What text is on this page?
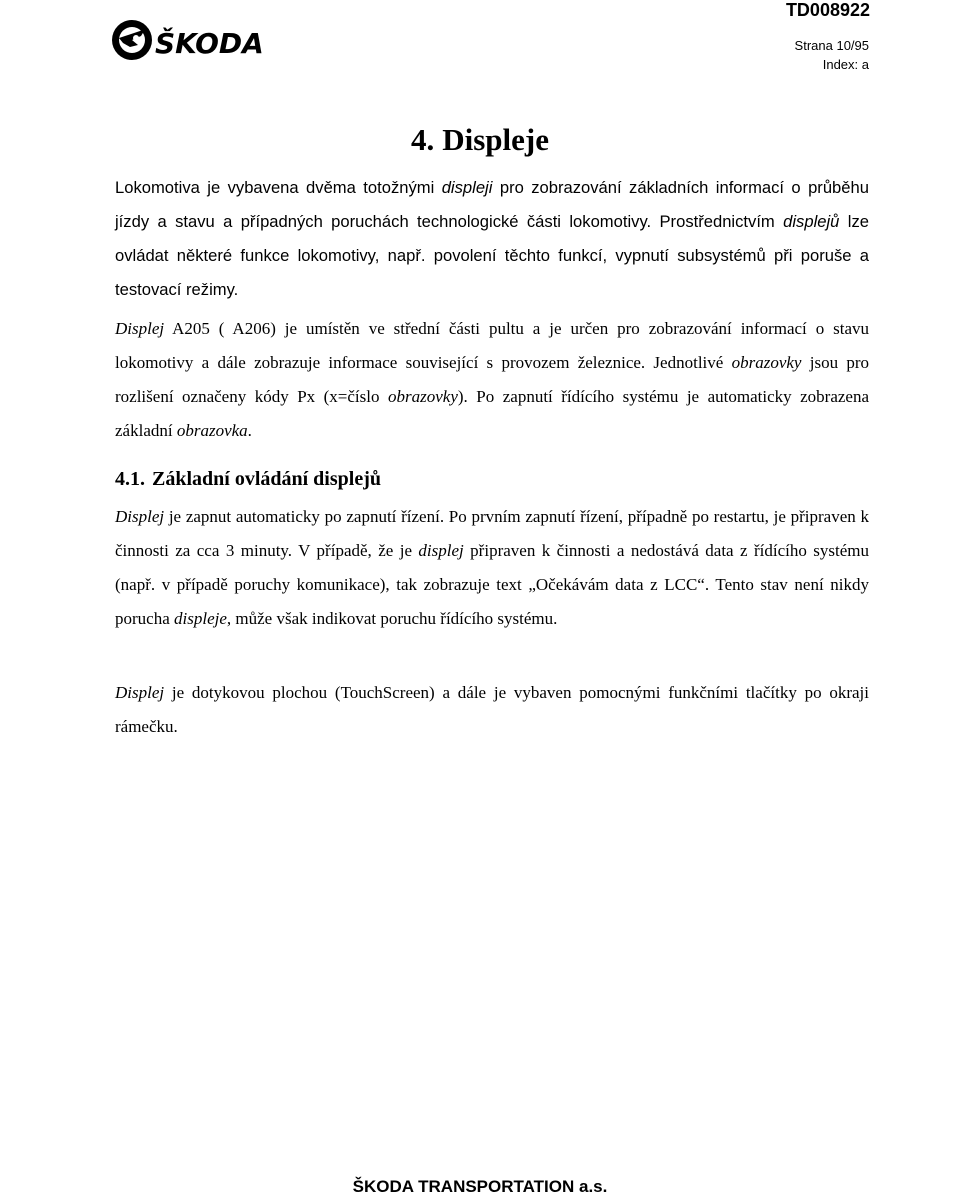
ŠKODA
TD008922
Strana 10/95
Index: a
4. Displeje

Lokomotiva je vybavena dvěma totožnými displeji pro zobrazování základních informací o průběhu jízdy a stavu a případných poruchách technologické části lokomotivy. Prostřednictvím displejů lze ovládat některé funkce lokomotivy, např. povolení těchto funkcí, vypnutí subsystémů při poruše a testovací režimy.

Displej A205 ( A206) je umístěn ve střední části pultu a je určen pro zobrazování informací o stavu lokomotivy a dále zobrazuje informace související s provozem železnice. Jednotlivé obrazovky jsou pro rozlišení označeny kódy Px (x=číslo obrazovky). Po zapnutí řídícího systému je automaticky zobrazena základní obrazovka.

4.1. Základní ovládání displejů

Displej je zapnut automaticky po zapnutí řízení. Po prvním zapnutí řízení, případně po restartu, je připraven k činnosti za cca 3 minuty. V případě, že je displej připraven k činnosti a nedostává data z řídícího systému (např. v případě poruchy komunikace), tak zobrazuje text „Očekávám data z LCC“. Tento stav není nikdy porucha displeje, může však indikovat poruchu řídícího systému.

Displej je dotykovou plochou (TouchScreen) a dále je vybaven pomocnými funkčními tlačítky po okraji rámečku.

ŠKODA TRANSPORTATION a.s.
